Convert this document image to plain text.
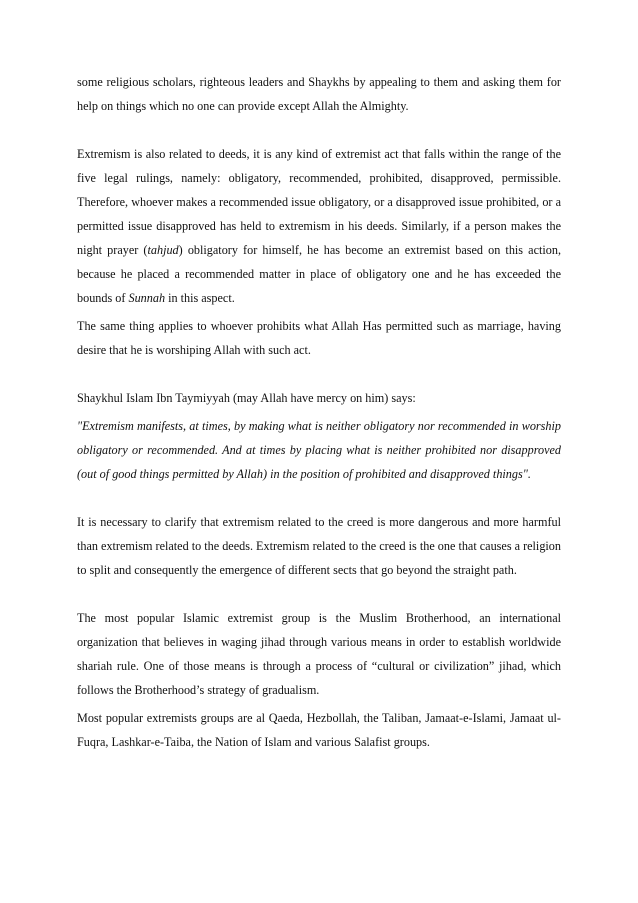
some religious scholars, righteous leaders and Shaykhs by appealing to them and asking them for help on things which no one can provide except Allah the Almighty.

Extremism is also related to deeds, it is any kind of extremist act that falls within the range of the five legal rulings, namely: obligatory, recommended, prohibited, disapproved, permissible. Therefore, whoever makes a recommended issue obligatory, or a disapproved issue prohibited, or a permitted issue disapproved has held to extremism in his deeds. Similarly, if a person makes the night prayer (tahjud) obligatory for himself, he has become an extremist based on this action, because he placed a recommended matter in place of obligatory one and he has exceeded the bounds of Sunnah in this aspect.

The same thing applies to whoever prohibits what Allah Has permitted such as marriage, having desire that he is worshiping Allah with such act.

Shaykhul Islam Ibn Taymiyyah (may Allah have mercy on him) says:

"Extremism manifests, at times, by making what is neither obligatory nor recommended in worship obligatory or recommended. And at times by placing what is neither prohibited nor disapproved (out of good things permitted by Allah) in the position of prohibited and disapproved things".

It is necessary to clarify that extremism related to the creed is more dangerous and more harmful than extremism related to the deeds. Extremism related to the creed is the one that causes a religion to split and consequently the emergence of different sects that go beyond the straight path.

The most popular Islamic extremist group is the Muslim Brotherhood, an international organization that believes in waging jihad through various means in order to establish worldwide shariah rule. One of those means is through a process of “cultural or civilization” jihad, which follows the Brotherhood’s strategy of gradualism.

Most popular extremists groups are al Qaeda, Hezbollah, the Taliban, Jamaat-e-Islami, Jamaat ul-Fuqra, Lashkar-e-Taiba, the Nation of Islam and various Salafist groups.
